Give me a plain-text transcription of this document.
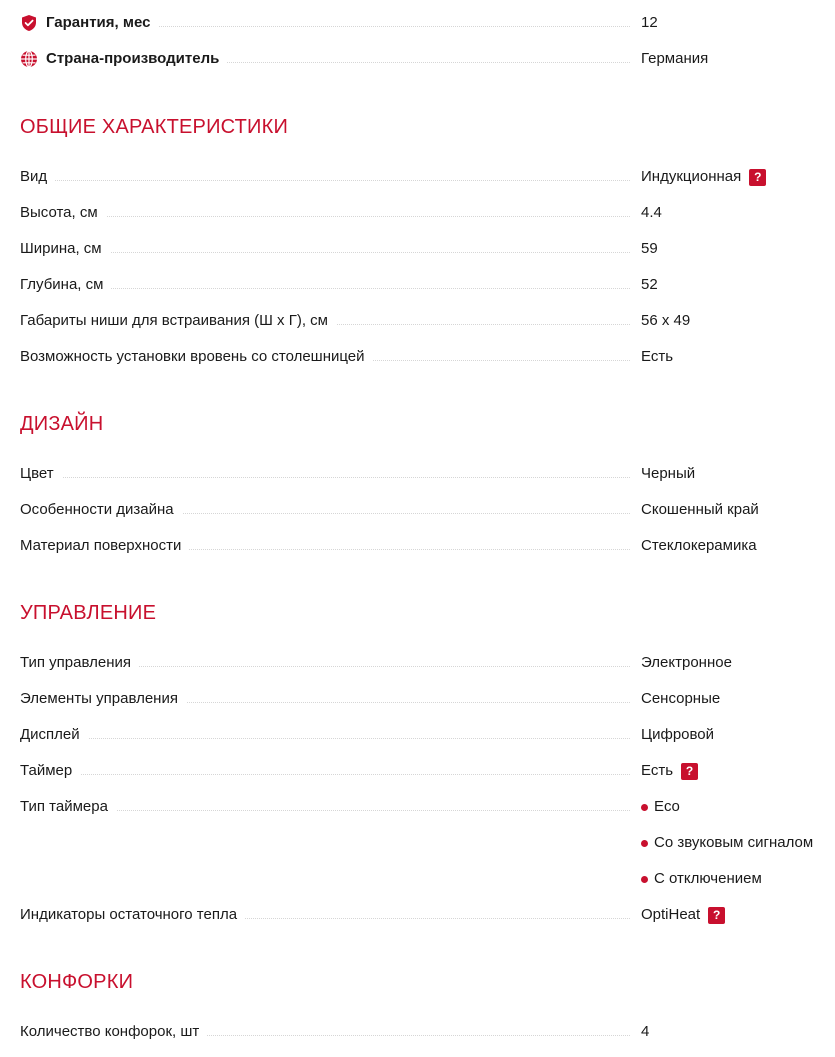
Гарантия, мес	12
Страна-производитель	Германия
ОБЩИЕ ХАРАКТЕРИСТИКИ
Вид	Индукционная	?
Высота, см	4.4
Ширина, см	59
Глубина, см	52
Габариты ниши для встраивания (Ш х Г), см	56 х 49
Возможность установки вровень со столешницей	Есть
ДИЗАЙН
Цвет	Черный
Особенности дизайна	Скошенный край
Материал поверхности	Стеклокерамика
УПРАВЛЕНИЕ
Тип управления	Электронное
Элементы управления	Сенсорные
Дисплей	Цифровой
Таймер	Есть	?
Тип таймера	Eco
Со звуковым сигналом
С отключением
Индикаторы остаточного тепла	OptiHeat	?
КОНФОРКИ
Количество конфорок, шт	4
